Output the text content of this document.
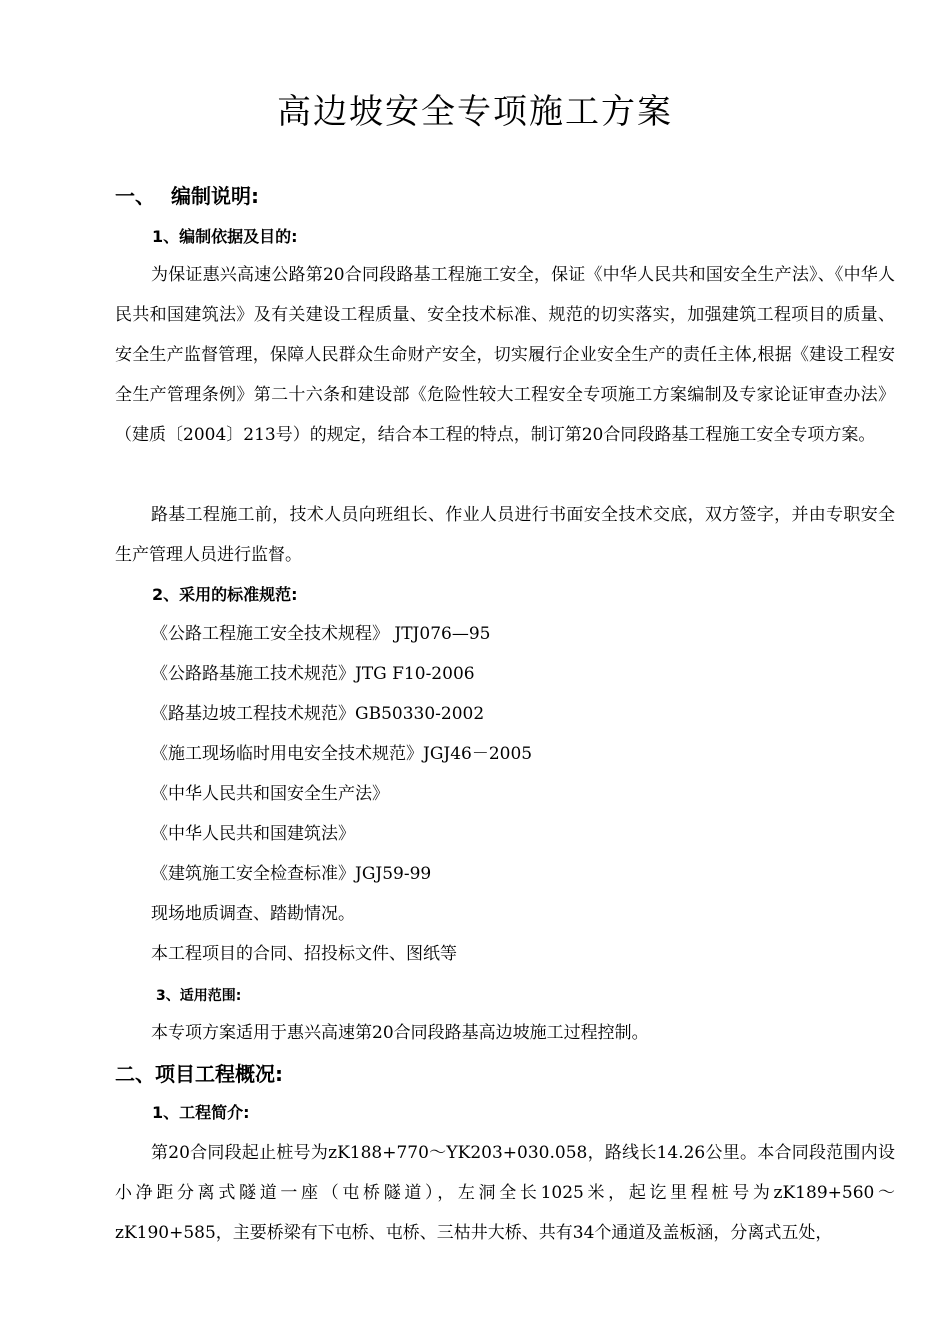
高边坡安全专项施工方案
一、 编制说明:
1、编制依据及目的:
为保证惠兴高速公路第20合同段路基工程施工安全，保证《中华人民共和国安全生产法》、《中华人民共和国建筑法》及有关建设工程质量、安全技术标准、规范的切实落实，加强建筑工程项目的质量、安全生产监督管理，保障人民群众生命财产安全，切实履行企业安全生产的责任主体,根据《建设工程安全生产管理条例》第二十六条和建设部《危险性较大工程安全专项施工方案编制及专家论证审查办法》（建质〔2004〕213号）的规定，结合本工程的特点，制订第20合同段路基工程施工安全专项方案。
路基工程施工前，技术人员向班组长、作业人员进行书面安全技术交底，双方签字，并由专职安全生产管理人员进行监督。
2、采用的标准规范:
《公路工程施工安全技术规程》 JTJ076—95
《公路路基施工技术规范》JTG F10-2006
《路基边坡工程技术规范》GB50330-2002
《施工现场临时用电安全技术规范》JGJ46－2005
《中华人民共和国安全生产法》
《中华人民共和国建筑法》
《建筑施工安全检查标准》JGJ59-99
现场地质调查、踏勘情况。
本工程项目的合同、招投标文件、图纸等
3、适用范围:
本专项方案适用于惠兴高速第20合同段路基高边坡施工过程控制。
二、项目工程概况:
1、工程简介:
第20合同段起止桩号为zK188+770～YK203+030.058，路线长14.26公里。本合同段范围内设小净距分离式隧道一座（屯桥隧道），左洞全长1025米，起讫里程桩号为zK189+560～zK190+585，主要桥梁有下屯桥、屯桥、三枯井大桥、共有34个通道及盖板涵，分离式五处，
